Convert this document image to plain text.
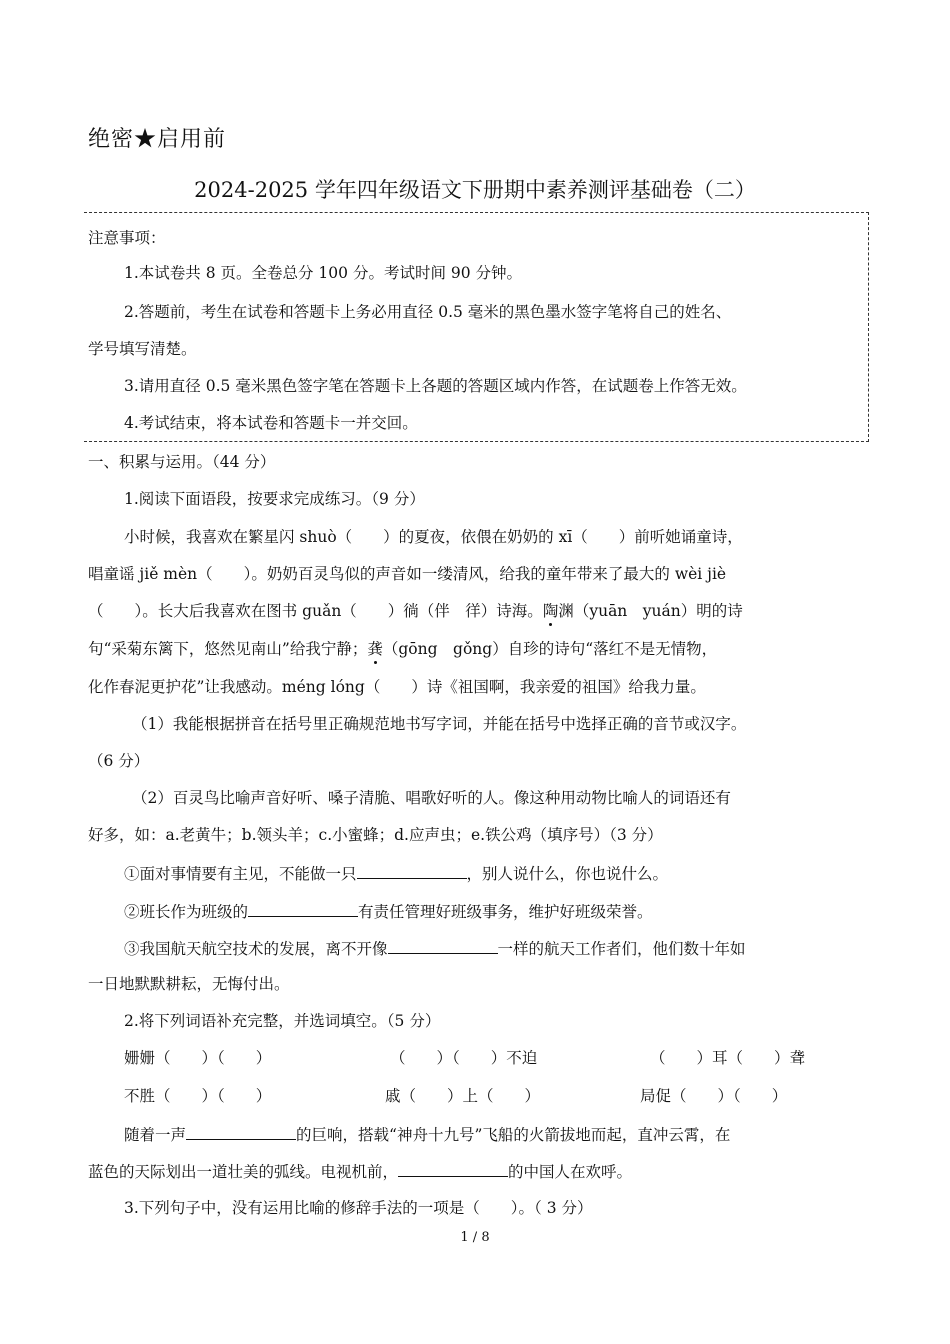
绝密★启用前
2024-2025 学年四年级语文下册期中素养测评基础卷（二）
注意事项：
1.本试卷共 8 页。全卷总分 100 分。考试时间 90 分钟。
2.答题前，考生在试卷和答题卡上务必用直径 0.5 毫米的黑色墨水签字笔将自己的姓名、
学号填写清楚。
3.请用直径 0.5 毫米黑色签字笔在答题卡上各题的答题区域内作答，在试题卷上作答无效。
4.考试结束，将本试卷和答题卡一并交回。
一、积累与运用。（44 分）
1.阅读下面语段，按要求完成练习。（9 分）
小时候，我喜欢在繁星闪 shuò（　　）的夏夜，依偎在奶奶的 xī（　　）前听她诵童诗，
唱童谣 jiě mèn（　　）。奶奶百灵鸟似的声音如一缕清风，给我的童年带来了最大的 wèi jiè
（　　）。长大后我喜欢在图书 guǎn（　　）徜（伴　徉）诗海。陶渊（yuān　yuán）明的诗
句“采菊东篱下，悠然见南山”给我宁静；龚（gōng　gǒng）自珍的诗句“落红不是无情物，
化作春泥更护花”让我感动。méng lóng（　　）诗《祖国啊，我亲爱的祖国》给我力量。
（1）我能根据拼音在括号里正确规范地书写字词，并能在括号中选择正确的音节或汉字。
（6 分）
（2）百灵鸟比喻声音好听、嗓子清脆、唱歌好听的人。像这种用动物比喻人的词语还有
好多，如：a.老黄牛；b.领头羊；c.小蜜蜂；d.应声虫；e.铁公鸡（填序号）（3 分）
①面对事情要有主见，不能做一只	，别人说什么，你也说什么。
②班长作为班级的	有责任管理好班级事务，维护好班级荣誉。
③我国航天航空技术的发展，离不开像	一样的航天工作者们，他们数十年如
一日地默默耕耘，无悔付出。
2.将下列词语补充完整，并选词填空。（5 分）
姗姗（　　）（　　）	（　　）（　　）不迫	（　　）耳（　　）聋
不胜（　　）（　　）	戚（　　）上（　　）	局促（　　）（　　）
随着一声	的巨响，搭载“神舟十九号”飞船的火箭拔地而起，直冲云霄，在
蓝色的天际划出一道壮美的弧线。电视机前，	的中国人在欢呼。
3.下列句子中，没有运用比喻的修辞手法的一项是（　　）。（ 3 分）
1 / 8
